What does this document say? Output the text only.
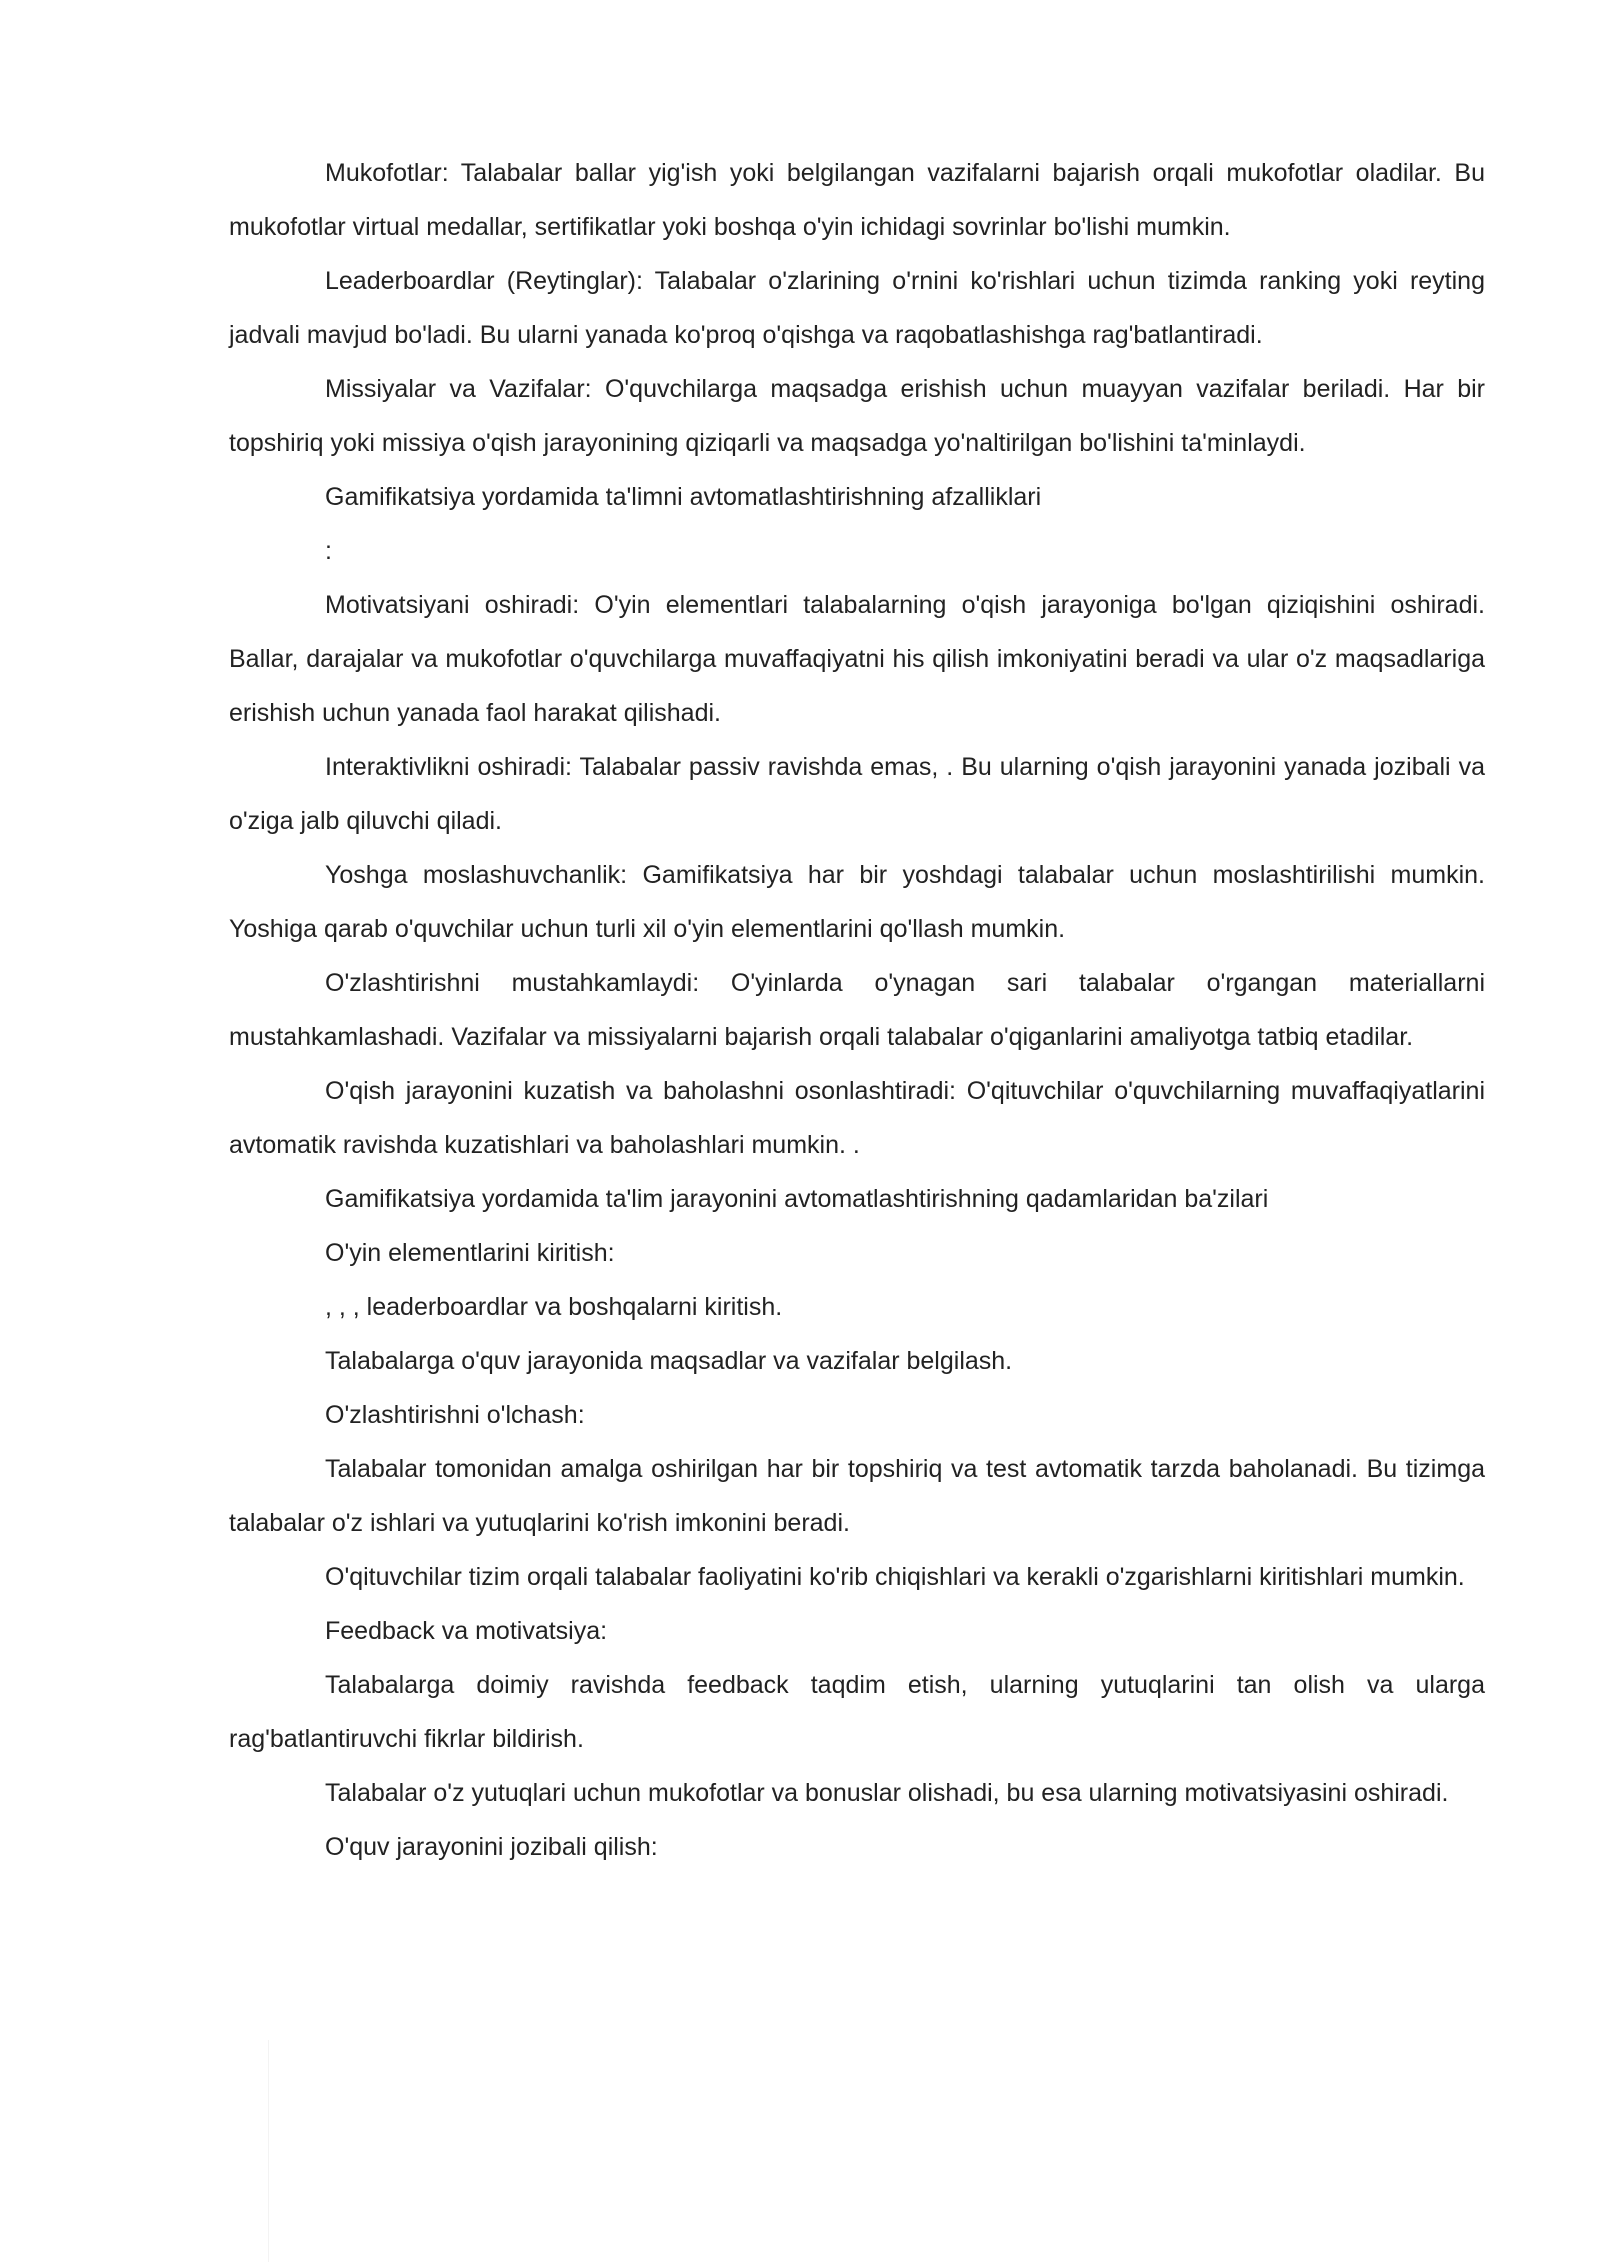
Mukofotlar: Talabalar ballar yig'ish yoki belgilangan vazifalarni bajarish orqali mukofotlar oladilar. Bu mukofotlar virtual medallar, sertifikatlar yoki boshqa o'yin ichidagi sovrinlar bo'lishi mumkin.

Leaderboardlar (Reytinglar): Talabalar o'zlarining o'rnini ko'rishlari uchun tizimda ranking yoki reyting jadvali mavjud bo'ladi. Bu ularni yanada ko'proq o'qishga va raqobatlashishga rag'batlantiradi.

Missiyalar va Vazifalar: O'quvchilarga maqsadga erishish uchun muayyan vazifalar beriladi. Har bir topshiriq yoki missiya o'qish jarayonining qiziqarli va maqsadga yo'naltirilgan bo'lishini ta'minlaydi.

Gamifikatsiya yordamida ta'limni avtomatlashtirishning afzalliklari

:

Motivatsiyani oshiradi: O'yin elementlari talabalarning o'qish jarayoniga bo'lgan qiziqishini oshiradi. Ballar, darajalar va mukofotlar o'quvchilarga muvaffaqiyatni his qilish imkoniyatini beradi va ular o'z maqsadlariga erishish uchun yanada faol harakat qilishadi.

Interaktivlikni oshiradi: Talabalar passiv ravishda emas, . Bu ularning o'qish jarayonini yanada jozibali va o'ziga jalb qiluvchi qiladi.

Yoshga moslashuvchanlik: Gamifikatsiya har bir yoshdagi talabalar uchun moslashtirilishi mumkin. Yoshiga qarab o'quvchilar uchun turli xil o'yin elementlarini qo'llash mumkin.

O'zlashtirishni mustahkamlaydi: O'yinlarda o'ynagan sari talabalar o'rgangan materiallarni mustahkamlashadi. Vazifalar va missiyalarni bajarish orqali talabalar o'qiganlarini amaliyotga tatbiq etadilar.

O'qish jarayonini kuzatish va baholashni osonlashtiradi: O'qituvchilar o'quvchilarning muvaffaqiyatlarini avtomatik ravishda kuzatishlari va baholashlari mumkin. .

Gamifikatsiya yordamida ta'lim jarayonini avtomatlashtirishning qadamlaridan ba'zilari

O'yin elementlarini kiritish:

, , , leaderboardlar va boshqalarni kiritish.

Talabalarga o'quv jarayonida maqsadlar va vazifalar belgilash.

O'zlashtirishni o'lchash:

Talabalar tomonidan amalga oshirilgan har bir topshiriq va test avtomatik tarzda baholanadi. Bu tizimga talabalar o'z ishlari va yutuqlarini ko'rish imkonini beradi.

O'qituvchilar tizim orqali talabalar faoliyatini ko'rib chiqishlari va kerakli o'zgarishlarni kiritishlari mumkin.

Feedback va motivatsiya:

Talabalarga doimiy ravishda feedback taqdim etish, ularning yutuqlarini tan olish va ularga rag'batlantiruvchi fikrlar bildirish.

Talabalar o'z yutuqlari uchun mukofotlar va bonuslar olishadi, bu esa ularning motivatsiyasini oshiradi.

O'quv jarayonini jozibali qilish:
